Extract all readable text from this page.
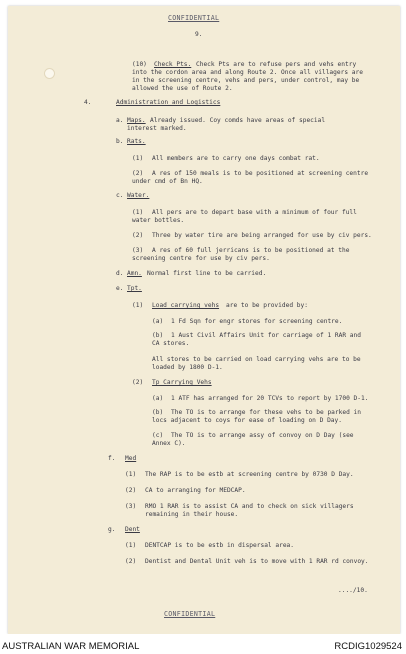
CONFIDENTIAL
9.
(10) Check Pts. Check Pts are to refuse pers and vehs entry
into the cordon area and along Route 2. Once all villagers are
in the screening centre, vehs and pers, under control, may be
allowed the use of Route 2.
4.	Administration and Logistics
a. Maps. Already issued. Coy comds have areas of special
interest marked.
b. Rats.
(1) All members are to carry one days combat rat.
(2) A res of 150 meals is to be positioned at screening centre
under cmd of Bn HQ.
c. Water.
(1) All pers are to depart base with a minimum of four full
water bottles.
(2) Three by water tire are being arranged for use by civ pers.
(3) A res of 60 full jerricans is to be positioned at the
screening centre for use by civ pers.
d. Amn. Normal first line to be carried.
e. Tpt.
(1) Load carrying vehs are to be provided by:
(a) 1 Fd Sqn for engr stores for screening centre.
(b) 1 Aust Civil Affairs Unit for carriage of 1 RAR and
CA stores.
All stores to be carried on load carrying vehs are to be
loaded by 1800 D-1.
(2) Tp Carrying Vehs
(a) 1 ATF has arranged for 20 TCVs to report by 1700 D-1.
(b) The TO is to arrange for these vehs to be parked in
locs adjacent to coys for ease of loading on D Day.
(c) The TO is to arrange assy of convoy on D Day (see
Annex C).
f. Med
(1) The RAP is to be estb at screening centre by 0730 D Day.
(2) CA to arranging for MEDCAP.
(3) RMO 1 RAR is to assist CA and to check on sick villagers
remaining in their house.
g. Dent
(1) DENTCAP is to be estb in dispersal area.
(2) Dentist and Dental Unit veh is to move with 1 RAR rd convoy.
..../10.
CONFIDENTIAL
AUSTRALIAN WAR MEMORIAL	RCDIG1029524
